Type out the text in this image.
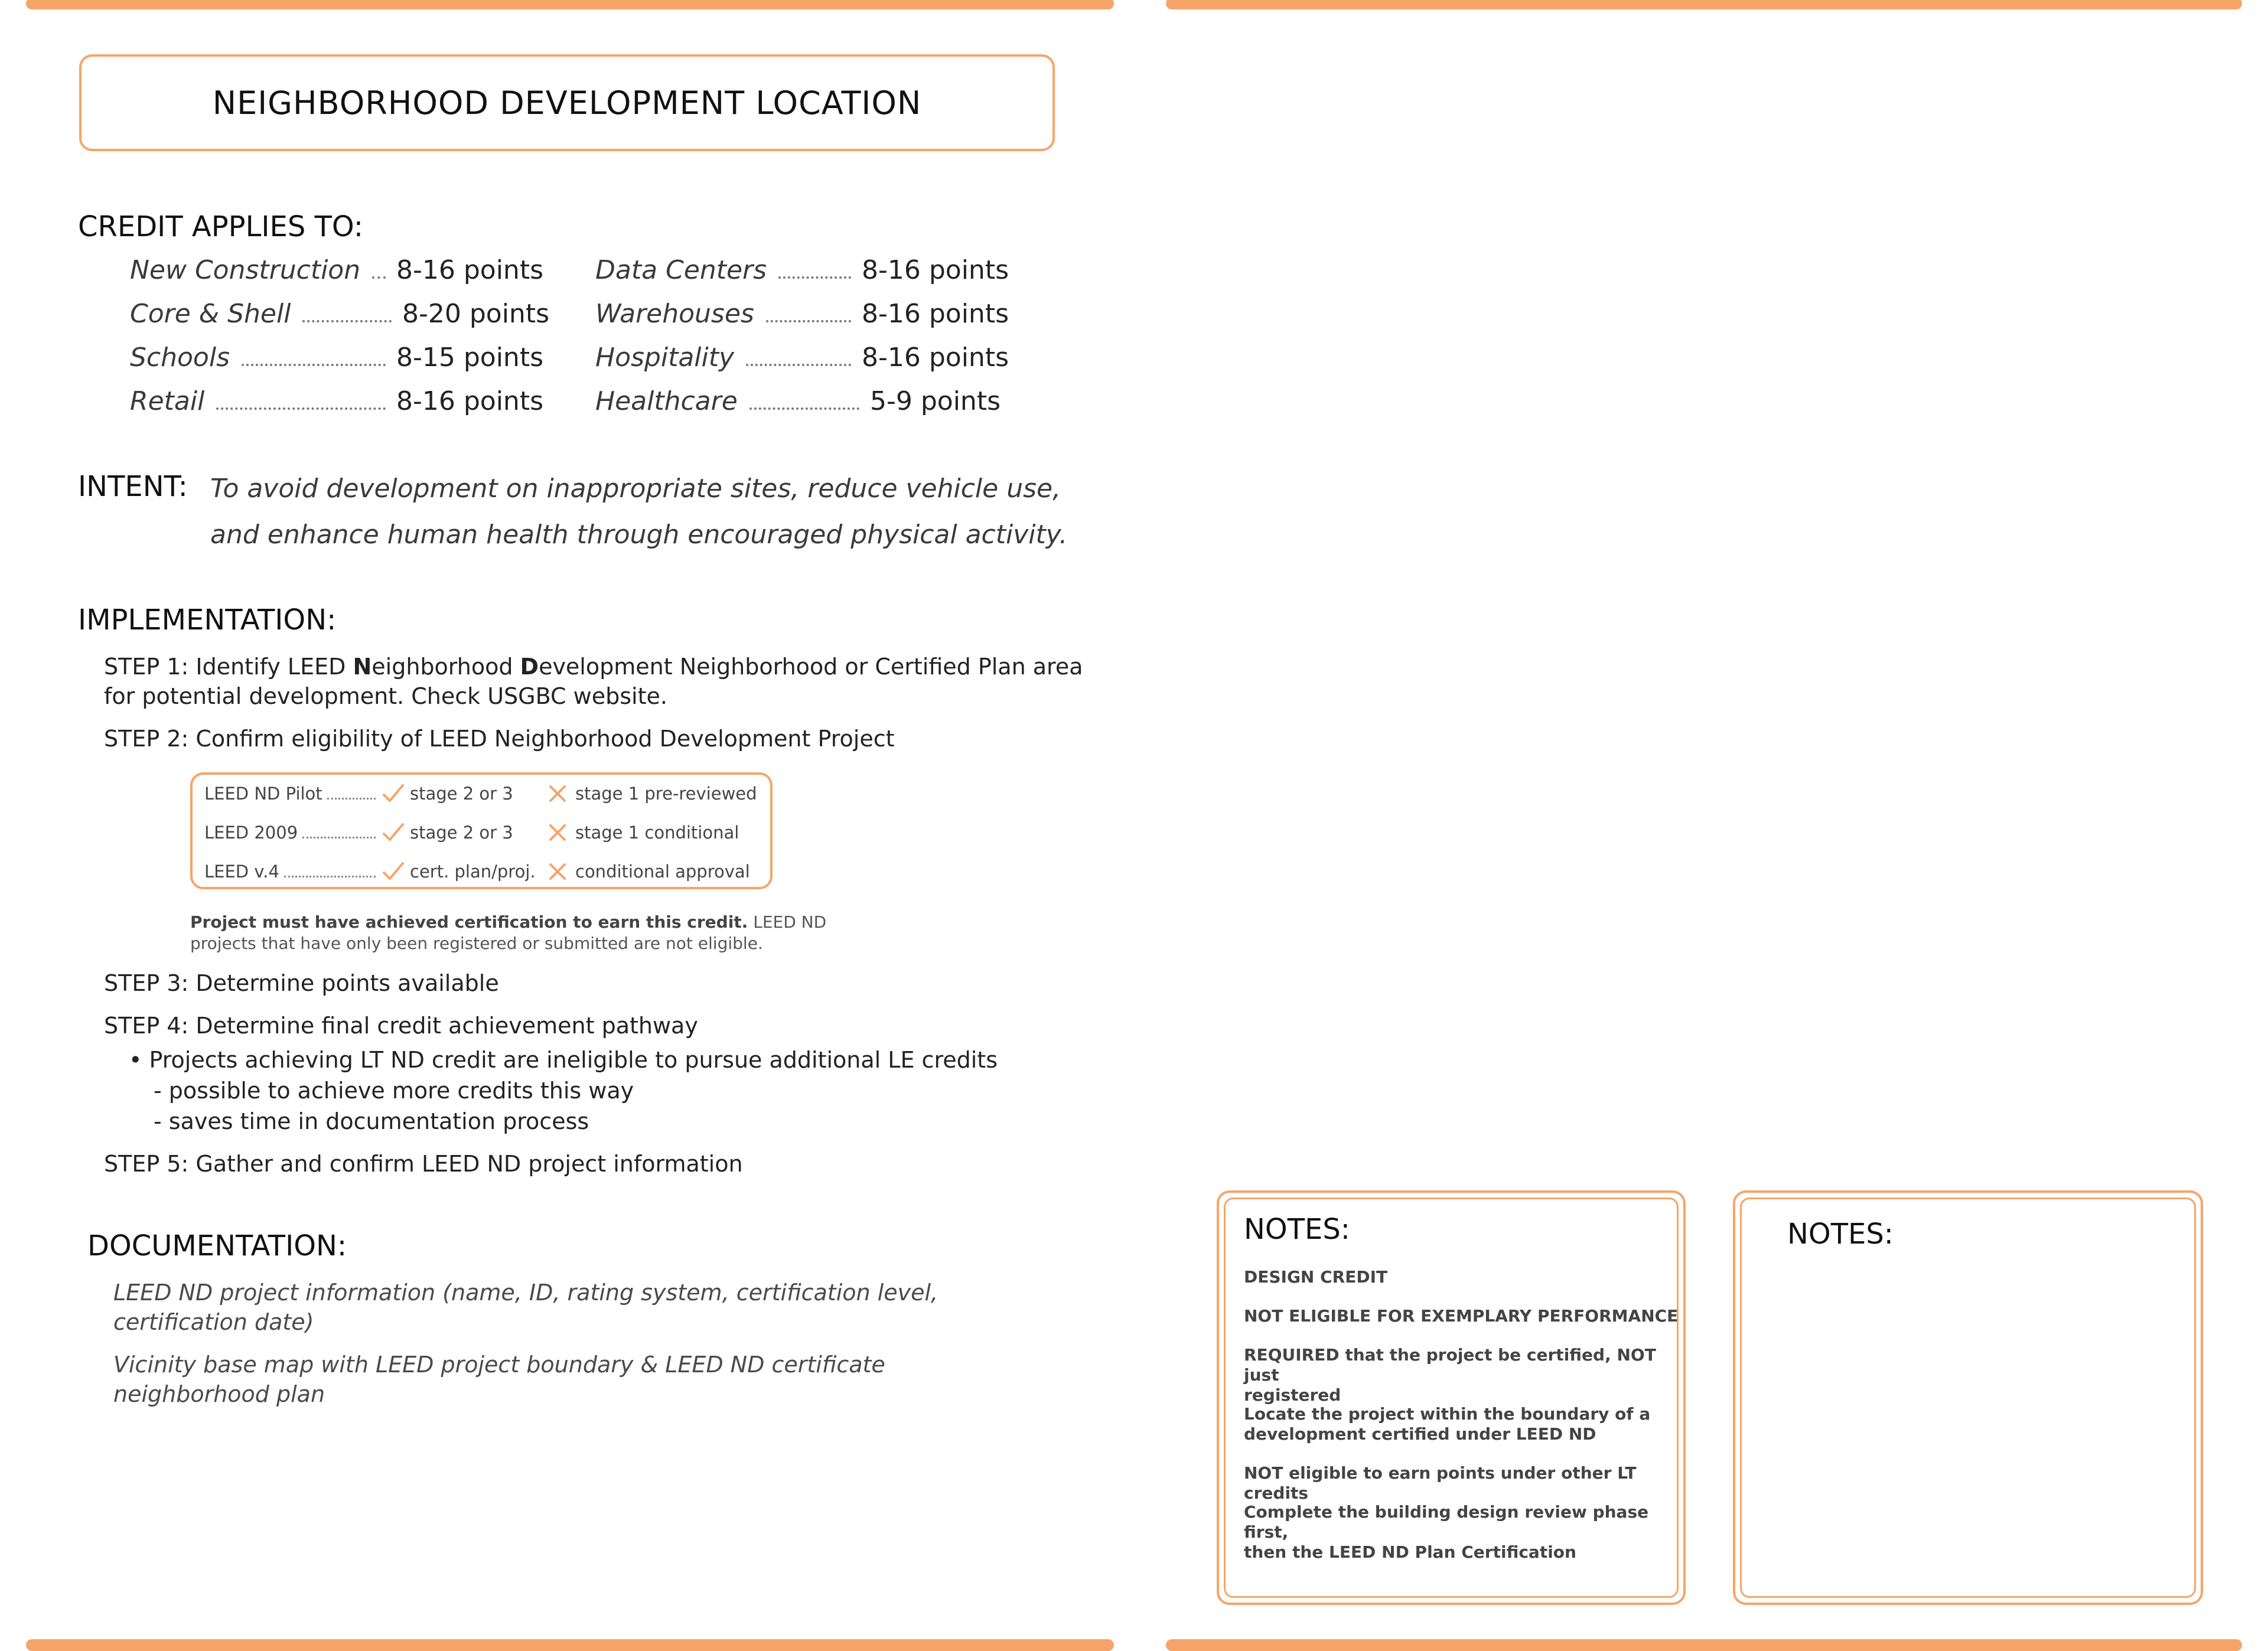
NEIGHBORHOOD DEVELOPMENT LOCATION
CREDIT APPLIES TO:
New Construction 8-16 points
Core & Shell	8-20 points
Schools	8-15 points
Retail	8-16 points
Data Centers	8-16 points
Warehouses	8-16 points
Hospitality	8-16 points
Healthcare	5-9 points
INTENT: To avoid development on inappropriate sites, reduce vehicle use,
and enhance human health through encouraged physical activity.
IMPLEMENTATION:
STEP 1: Identify LEED Neighborhood Development Neighborhood or Certified Plan area
for potential development. Check USGBC website.
STEP 2: Confirm eligibility of LEED Neighborhood Development Project
LEED ND Pilot	stage 2 or 3	stage 1 pre-reviewed
LEED 2009	stage 2 or 3	stage 1 conditional
LEED v.4	cert. plan/proj.	conditional approval
Project must have achieved certification to earn this credit. LEED ND
projects that have only been registered or submitted are not eligible.
STEP 3: Determine points available
STEP 4: Determine final credit achievement pathway
• Projects achieving LT ND credit are ineligible to pursue additional LE credits
- possible to achieve more credits this way
- saves time in documentation process
STEP 5: Gather and confirm LEED ND project information
DOCUMENTATION:
LEED ND project information (name, ID, rating system, certification level,
certification date)
Vicinity base map with LEED project boundary & LEED ND certificate
neighborhood plan
NOTES:
DESIGN CREDIT
NOT ELIGIBLE FOR EXEMPLARY PERFORMANCE
REQUIRED that the project be certified, NOT just
registered
Locate the project within the boundary of a
development certified under LEED ND
NOT eligible to earn points under other LT credits
Complete the building design review phase first,
then the LEED ND Plan Certification
NOTES:
